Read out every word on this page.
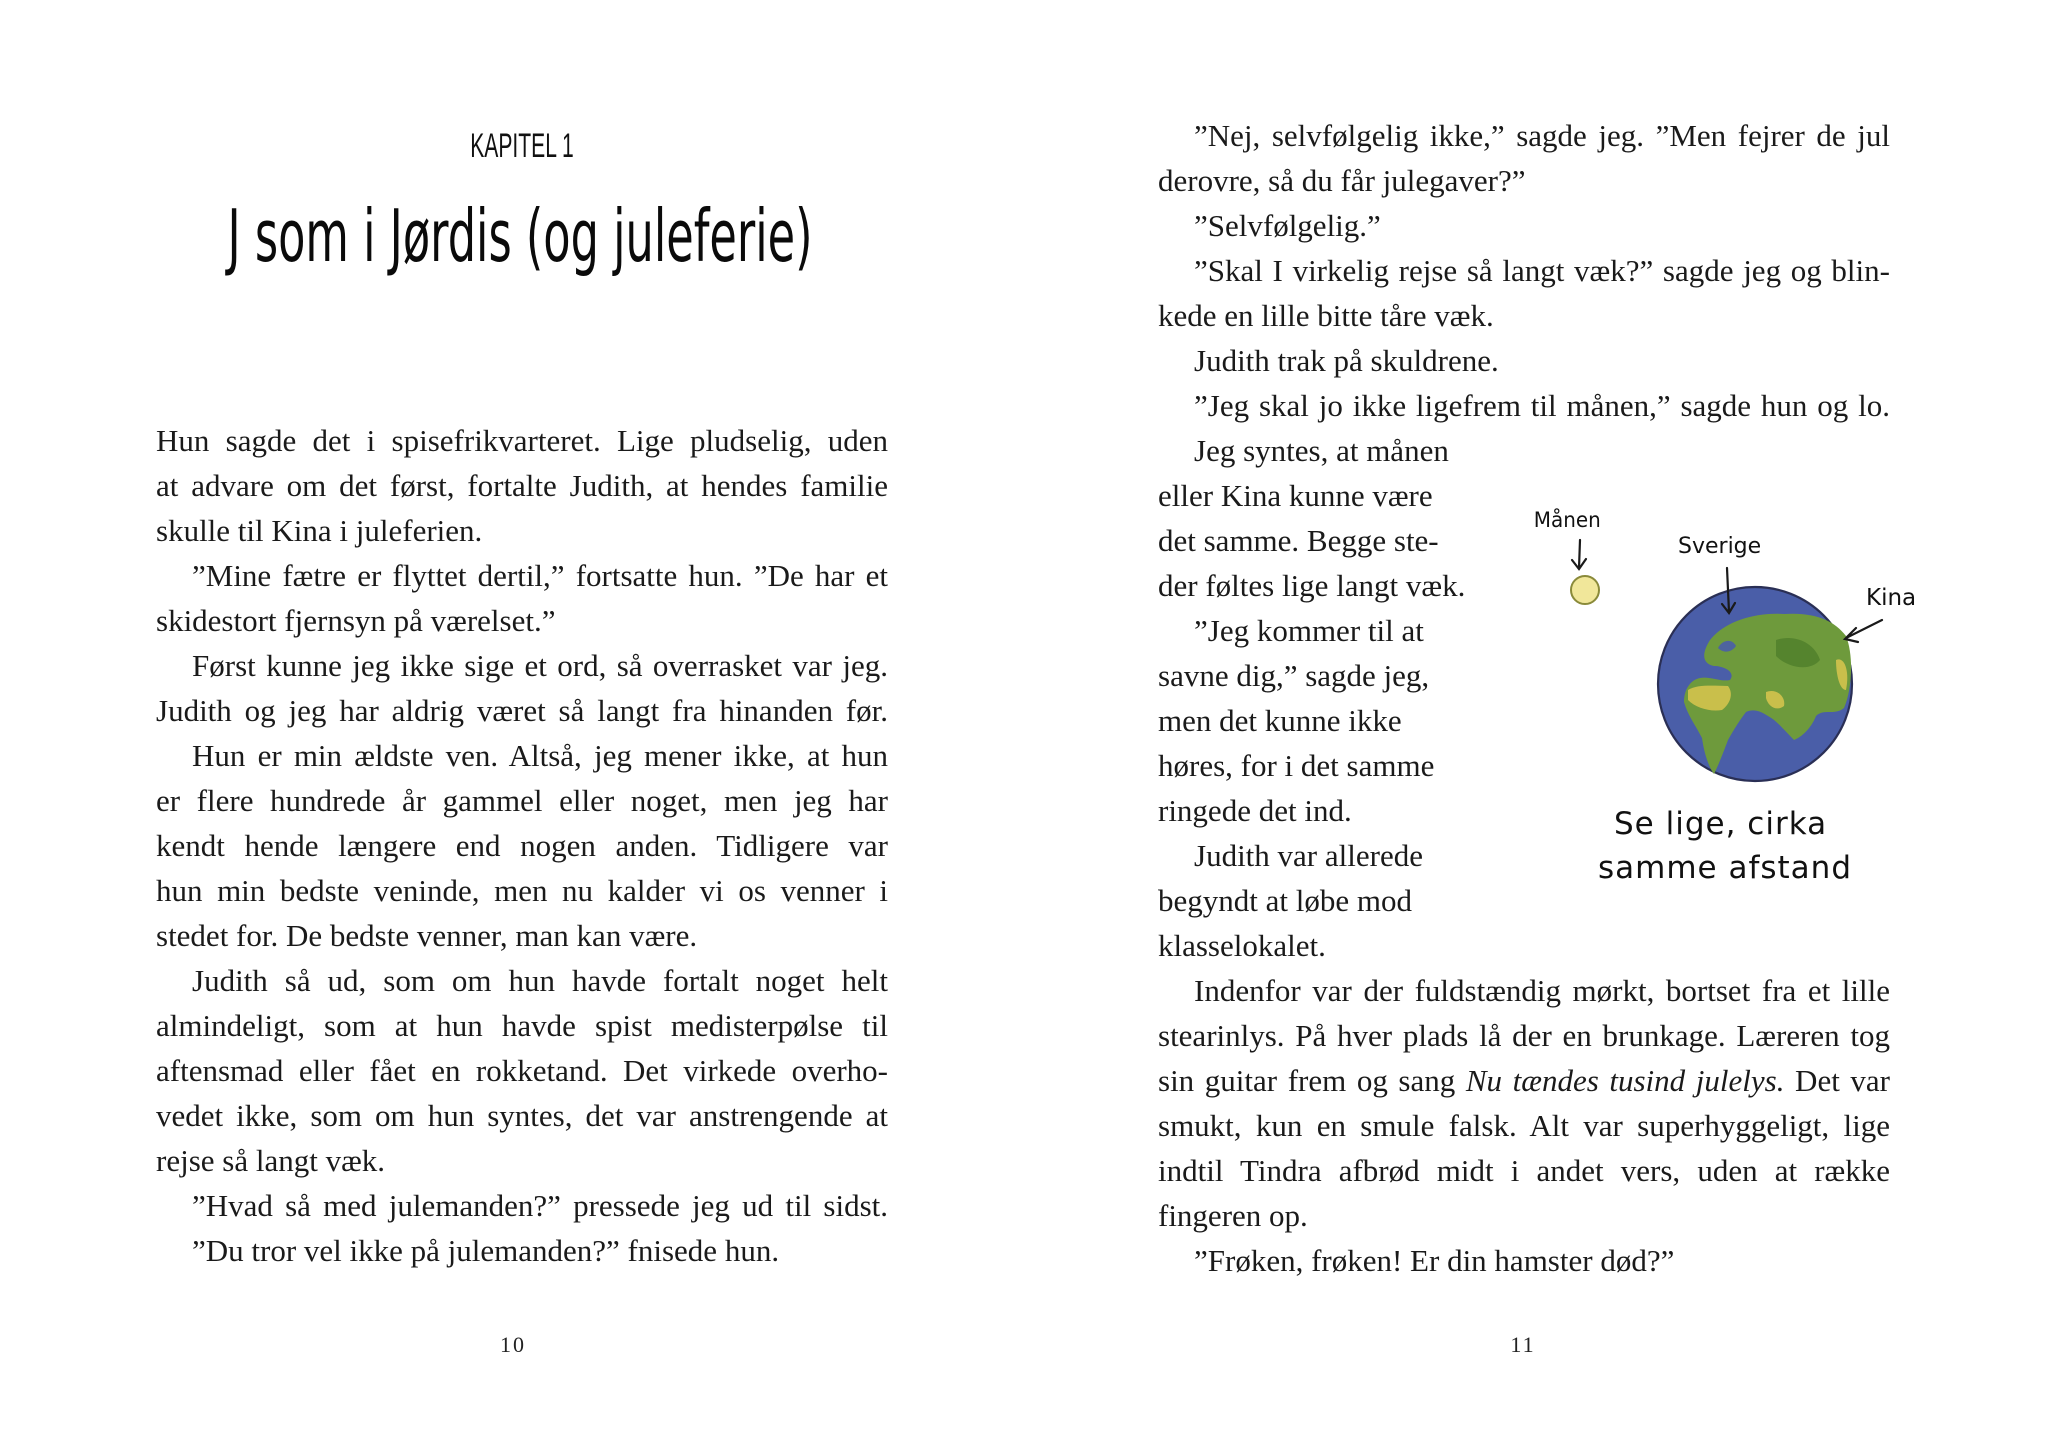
KAPITEL 1
J som i Jørdis (og juleferie)
Hun sagde det i spisefrikvarteret. Lige pludselig, uden
at advare om det først, fortalte Judith, at hendes familie
skulle til Kina i juleferien.
”Mine fætre er flyttet dertil,” fortsatte hun. ”De har et
skidestort fjernsyn på værelset.”
Først kunne jeg ikke sige et ord, så overrasket var jeg.
Judith og jeg har aldrig været så langt fra hinanden før.
Hun er min ældste ven. Altså, jeg mener ikke, at hun
er flere hundrede år gammel eller noget, men jeg har
kendt hende længere end nogen anden. Tidligere var
hun min bedste veninde, men nu kalder vi os venner i
stedet for. De bedste venner, man kan være.
Judith så ud, som om hun havde fortalt noget helt
almindeligt, som at hun havde spist medisterpølse til
aftensmad eller fået en rokketand. Det virkede overho-
vedet ikke, som om hun syntes, det var anstrengende at
rejse så langt væk.
”Hvad så med julemanden?” pressede jeg ud til sidst.
”Du tror vel ikke på julemanden?” fnisede hun.
10
”Nej, selvfølgelig ikke,” sagde jeg. ”Men fejrer de jul
derovre, så du får julegaver?”
”Selvfølgelig.”
”Skal I virkelig rejse så langt væk?” sagde jeg og blin-
kede en lille bitte tåre væk.
Judith trak på skuldrene.
”Jeg skal jo ikke ligefrem til månen,” sagde hun og lo.
Jeg syntes, at månen
eller Kina kunne være
det samme. Begge ste-
der føltes lige langt væk.
”Jeg kommer til at
savne dig,” sagde jeg,
men det kunne ikke
høres, for i det samme
ringede det ind.
Judith var allerede
begyndt at løbe mod
klasselokalet.
Indenfor var der fuldstændig mørkt, bortset fra et lille
stearinlys. På hver plads lå der en brunkage. Læreren tog
sin guitar frem og sang Nu tændes tusind julelys. Det var
smukt, kun en smule falsk. Alt var superhyggeligt, lige
indtil Tindra afbrød midt i andet vers, uden at række
fingeren op.
”Frøken, frøken! Er din hamster død?”
Månen
Sverige
Kina
Se lige, cirka
samme afstand
11
